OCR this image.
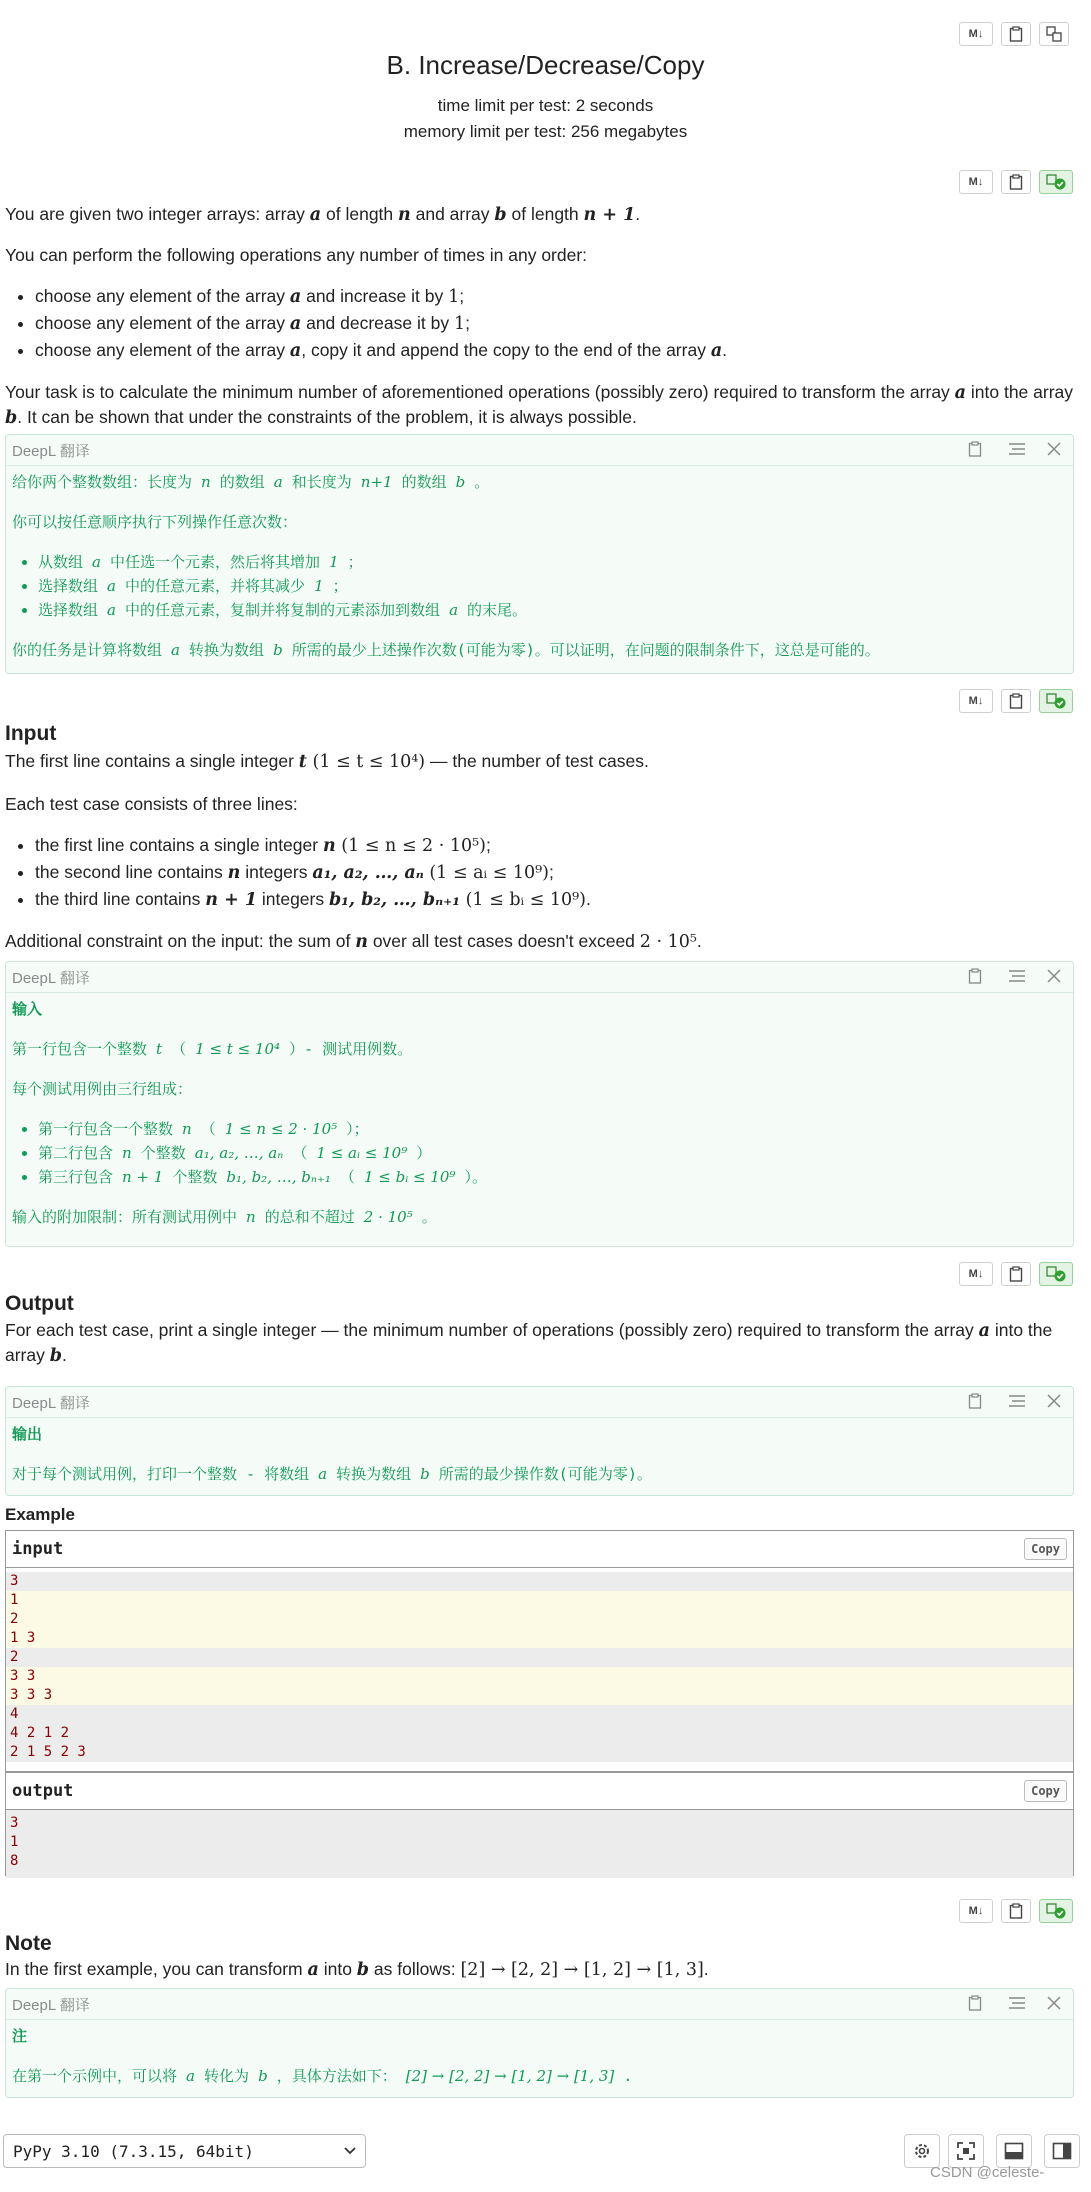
M↓
B. Increase/Decrease/Copy
time limit per test: 2 seconds
memory limit per test: 256 megabytes
M↓
You are given two integer arrays: array a of length n and array b of length n + 1.
You can perform the following operations any number of times in any order:
• choose any element of the array a and increase it by 1;
• choose any element of the array a and decrease it by 1;
• choose any element of the array a, copy it and append the copy to the end of the array a.
Your task is to calculate the minimum number of aforementioned operations (possibly zero) required to transform the array a into the array b. It can be shown that under the constraints of the problem, it is always possible.
DeepL 翻译
给你两个整数数组：长度为 n 的数组 a 和长度为 n+1 的数组 b 。
你可以按任意顺序执行下列操作任意次数：
• 从数组 a 中任选一个元素，然后将其增加 1 ；
• 选择数组 a 中的任意元素，并将其减少 1 ；
• 选择数组 a 中的任意元素，复制并将复制的元素添加到数组 a 的末尾。
你的任务是计算将数组 a 转换为数组 b 所需的最少上述操作次数(可能为零)。可以证明，在问题的限制条件下，这总是可能的。
M↓
Input
The first line contains a single integer t (1 ≤ t ≤ 10⁴) — the number of test cases.
Each test case consists of three lines:
• the first line contains a single integer n (1 ≤ n ≤ 2 · 10⁵);
• the second line contains n integers a₁, a₂, …, aₙ (1 ≤ aᵢ ≤ 10⁹);
• the third line contains n + 1 integers b₁, b₂, …, bₙ₊₁ (1 ≤ bᵢ ≤ 10⁹).
Additional constraint on the input: the sum of n over all test cases doesn't exceed 2 · 10⁵.
DeepL 翻译
输入
第一行包含一个整数 t （ 1 ≤ t ≤ 10⁴ ）- 测试用例数。
每个测试用例由三行组成：
• 第一行包含一个整数 n （ 1 ≤ n ≤ 2 · 10⁵ ）；
• 第二行包含 n 个整数 a₁, a₂, …, aₙ （ 1 ≤ aᵢ ≤ 10⁹ ）
• 第三行包含 n + 1 个整数 b₁, b₂, …, bₙ₊₁ （ 1 ≤ bᵢ ≤ 10⁹ ）。
输入的附加限制：所有测试用例中 n 的总和不超过 2 · 10⁵ 。
M↓
Output
For each test case, print a single integer — the minimum number of operations (possibly zero) required to transform the array a into the array b.
DeepL 翻译
输出
对于每个测试用例，打印一个整数 - 将数组 a 转换为数组 b 所需的最少操作数(可能为零)。
Example
input	Copy
3
1
2
1 3
2
3 3
3 3 3
4
4 2 1 2
2 1 5 2 3
output	Copy
3
1
8
M↓
Note
In the first example, you can transform a into b as follows: [2] → [2, 2] → [1, 2] → [1, 3].
DeepL 翻译
注
在第一个示例中，可以将 a 转化为 b ，具体方法如下： [2] → [2, 2] → [1, 2] → [1, 3] .
PyPy 3.10 (7.3.15, 64bit)
CSDN @celeste-
